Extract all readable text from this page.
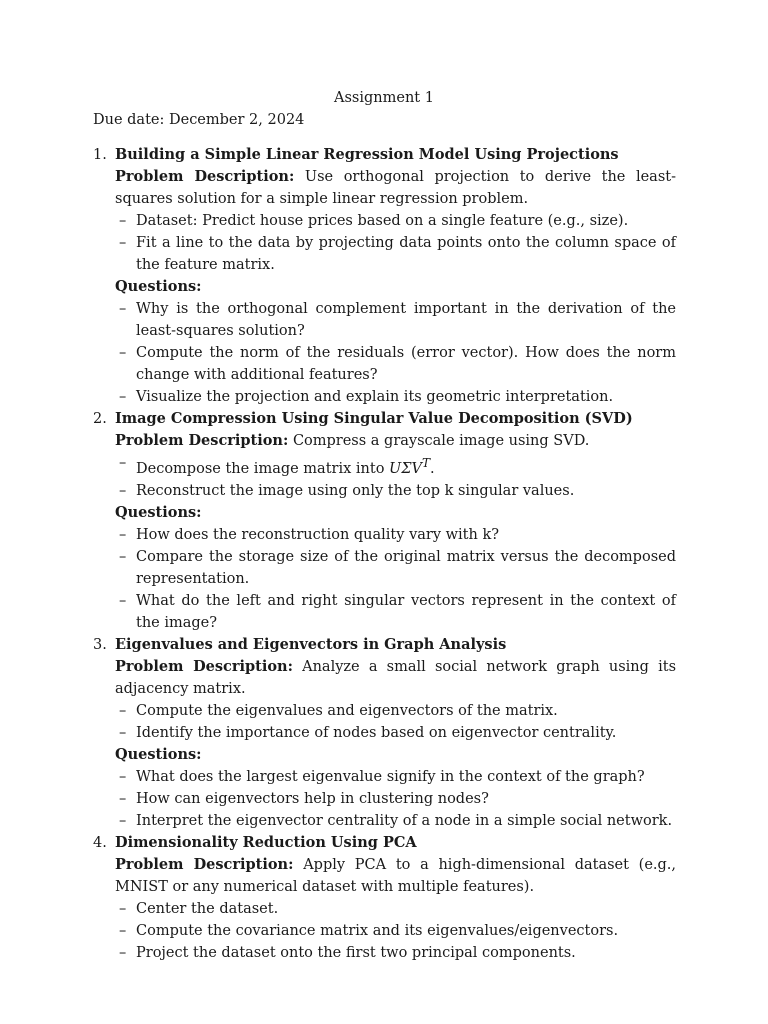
Assignment 1
Due date: December 2, 2024
1. Building a Simple Linear Regression Model Using Projections
Problem Description: Use orthogonal projection to derive the least-squares solution for a simple linear regression problem.
– Dataset: Predict house prices based on a single feature (e.g., size).
– Fit a line to the data by projecting data points onto the column space of the feature matrix.
Questions:
– Why is the orthogonal complement important in the derivation of the least-squares solution?
– Compute the norm of the residuals (error vector). How does the norm change with additional features?
– Visualize the projection and explain its geometric interpretation.
2. Image Compression Using Singular Value Decomposition (SVD)
Problem Description: Compress a grayscale image using SVD.
– Decompose the image matrix into $U\Sigma V^T$.
– Reconstruct the image using only the top k singular values.
Questions:
– How does the reconstruction quality vary with k?
– Compare the storage size of the original matrix versus the decomposed representation.
– What do the left and right singular vectors represent in the context of the image?
3. Eigenvalues and Eigenvectors in Graph Analysis
Problem Description: Analyze a small social network graph using its adjacency matrix.
– Compute the eigenvalues and eigenvectors of the matrix.
– Identify the importance of nodes based on eigenvector centrality.
Questions:
– What does the largest eigenvalue signify in the context of the graph?
– How can eigenvectors help in clustering nodes?
– Interpret the eigenvector centrality of a node in a simple social network.
4. Dimensionality Reduction Using PCA
Problem Description: Apply PCA to a high-dimensional dataset (e.g., MNIST or any numerical dataset with multiple features).
– Center the dataset.
– Compute the covariance matrix and its eigenvalues/eigenvectors.
– Project the dataset onto the first two principal components.
